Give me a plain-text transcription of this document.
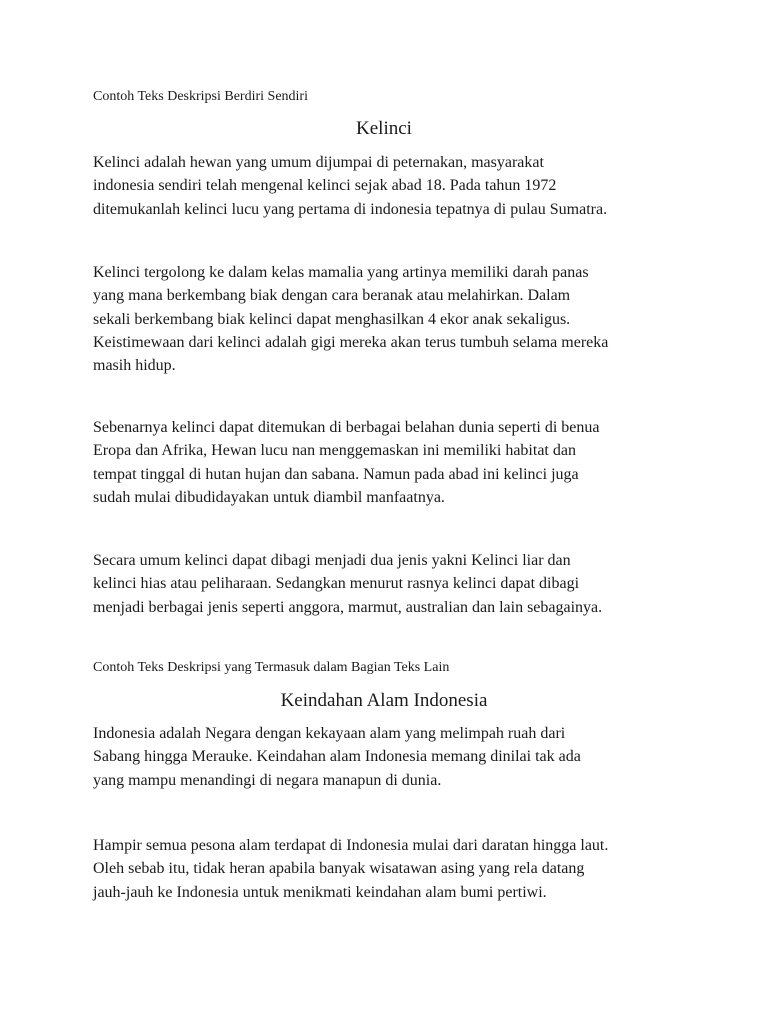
Contoh Teks Deskripsi Berdiri Sendiri

Kelinci

Kelinci adalah hewan yang umum dijumpai di peternakan, masyarakat
indonesia sendiri telah mengenal kelinci sejak abad 18. Pada tahun 1972
ditemukanlah kelinci lucu yang pertama di indonesia tepatnya di pulau Sumatra.

Kelinci tergolong ke dalam kelas mamalia yang artinya memiliki darah panas
yang mana berkembang biak dengan cara beranak atau melahirkan. Dalam
sekali berkembang biak kelinci dapat menghasilkan 4 ekor anak sekaligus.
Keistimewaan dari kelinci adalah gigi mereka akan terus tumbuh selama mereka
masih hidup.

Sebenarnya kelinci dapat ditemukan di berbagai belahan dunia seperti di benua
Eropa dan Afrika, Hewan lucu nan menggemaskan ini memiliki habitat dan
tempat tinggal di hutan hujan dan sabana. Namun pada abad ini kelinci juga
sudah mulai dibudidayakan untuk diambil manfaatnya.

Secara umum kelinci dapat dibagi menjadi dua jenis yakni Kelinci liar dan
kelinci hias atau peliharaan. Sedangkan menurut rasnya kelinci dapat dibagi
menjadi berbagai jenis seperti anggora, marmut, australian dan lain sebagainya.

Contoh Teks Deskripsi yang Termasuk dalam Bagian Teks Lain

Keindahan Alam Indonesia

Indonesia adalah Negara dengan kekayaan alam yang melimpah ruah dari
Sabang hingga Merauke. Keindahan alam Indonesia memang dinilai tak ada
yang mampu menandingi di negara manapun di dunia.

Hampir semua pesona alam terdapat di Indonesia mulai dari daratan hingga laut.
Oleh sebab itu, tidak heran apabila banyak wisatawan asing yang rela datang
jauh-jauh ke Indonesia untuk menikmati keindahan alam bumi pertiwi.
